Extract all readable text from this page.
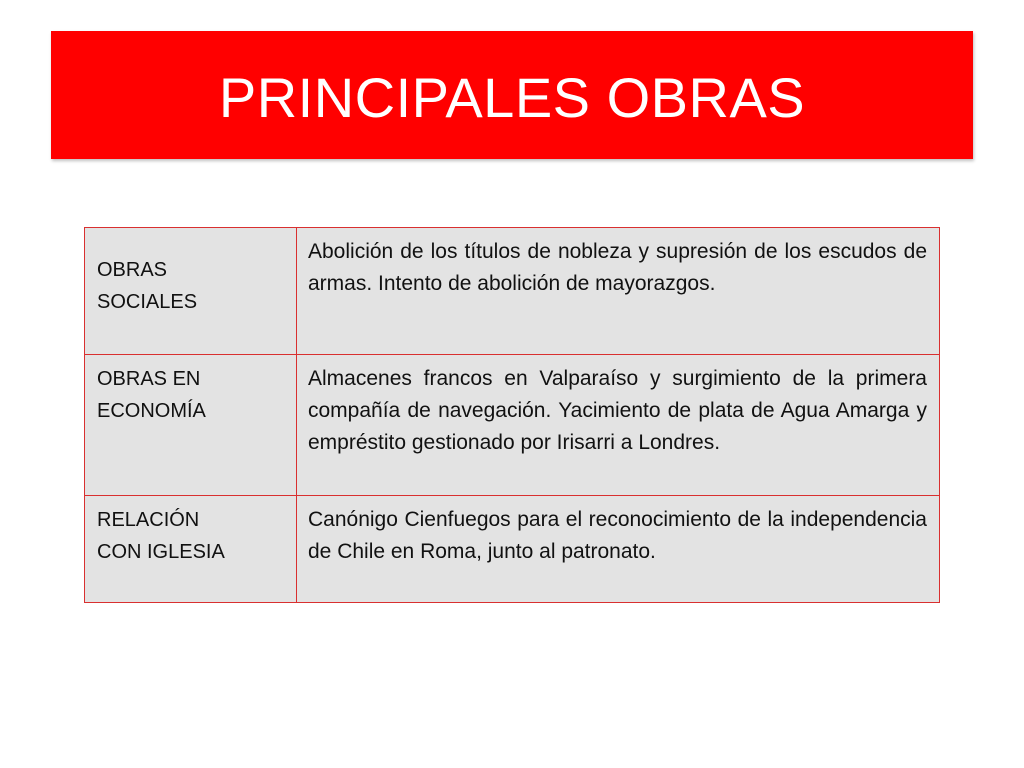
PRINCIPALES OBRAS
OBRAS
SOCIALES	Abolición de los títulos de nobleza y supresión de los escudos de armas. Intento de abolición de mayorazgos.

OBRAS EN
ECONOMÍA	Almacenes francos en Valparaíso y surgimiento de la primera compañía de navegación. Yacimiento de plata de Agua Amarga y empréstito gestionado por Irisarri a Londres.

RELACIÓN
CON IGLESIA	Canónigo Cienfuegos para el reconocimiento de la independencia de Chile en Roma, junto al patronato.
